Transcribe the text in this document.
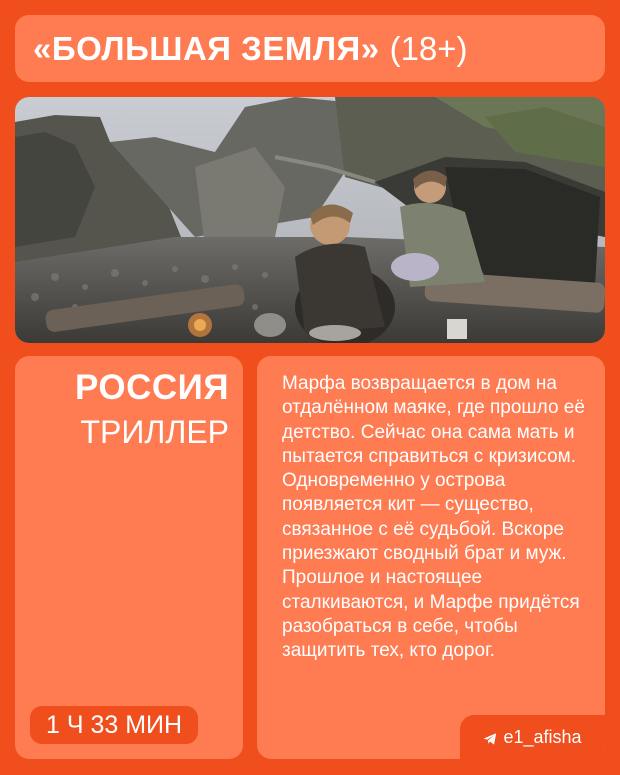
«БОЛЬШАЯ ЗЕМЛЯ» (18+)
РОССИЯ
ТРИЛЛЕР
1 Ч 33 МИН

Марфа возвращается в дом на отдалённом маяке, где прошло её детство. Сейчас она сама мать и пытается справиться с кризисом. Одновременно у острова появляется кит — существо, связанное с её судьбой. Вскоре приезжают сводный брат и муж. Прошлое и настоящее сталкиваются, и Марфе придётся разобраться в себе, чтобы защитить тех, кто дорог.

e1_afisha
